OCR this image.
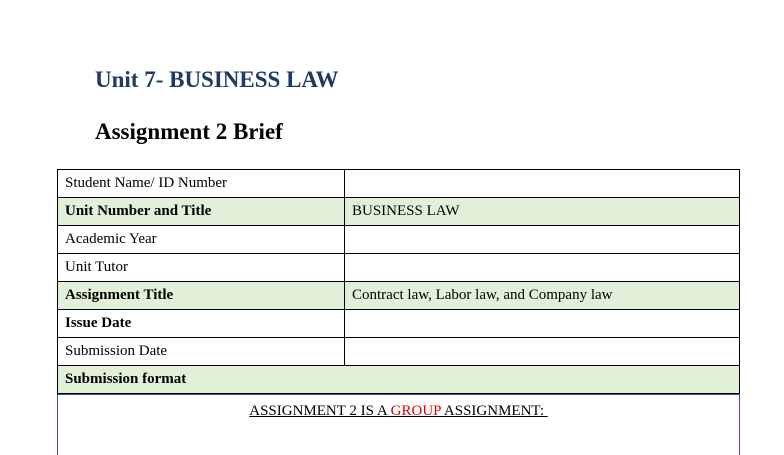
Unit 7- BUSINESS LAW
Assignment 2 Brief
Student Name/ ID Number	
Unit Number and Title	BUSINESS LAW
Academic Year	
Unit Tutor	
Assignment Title	Contract law, Labor law, and Company law
Issue Date	
Submission Date	
Submission format	
ASSIGNMENT 2 IS A GROUP ASSIGNMENT:
